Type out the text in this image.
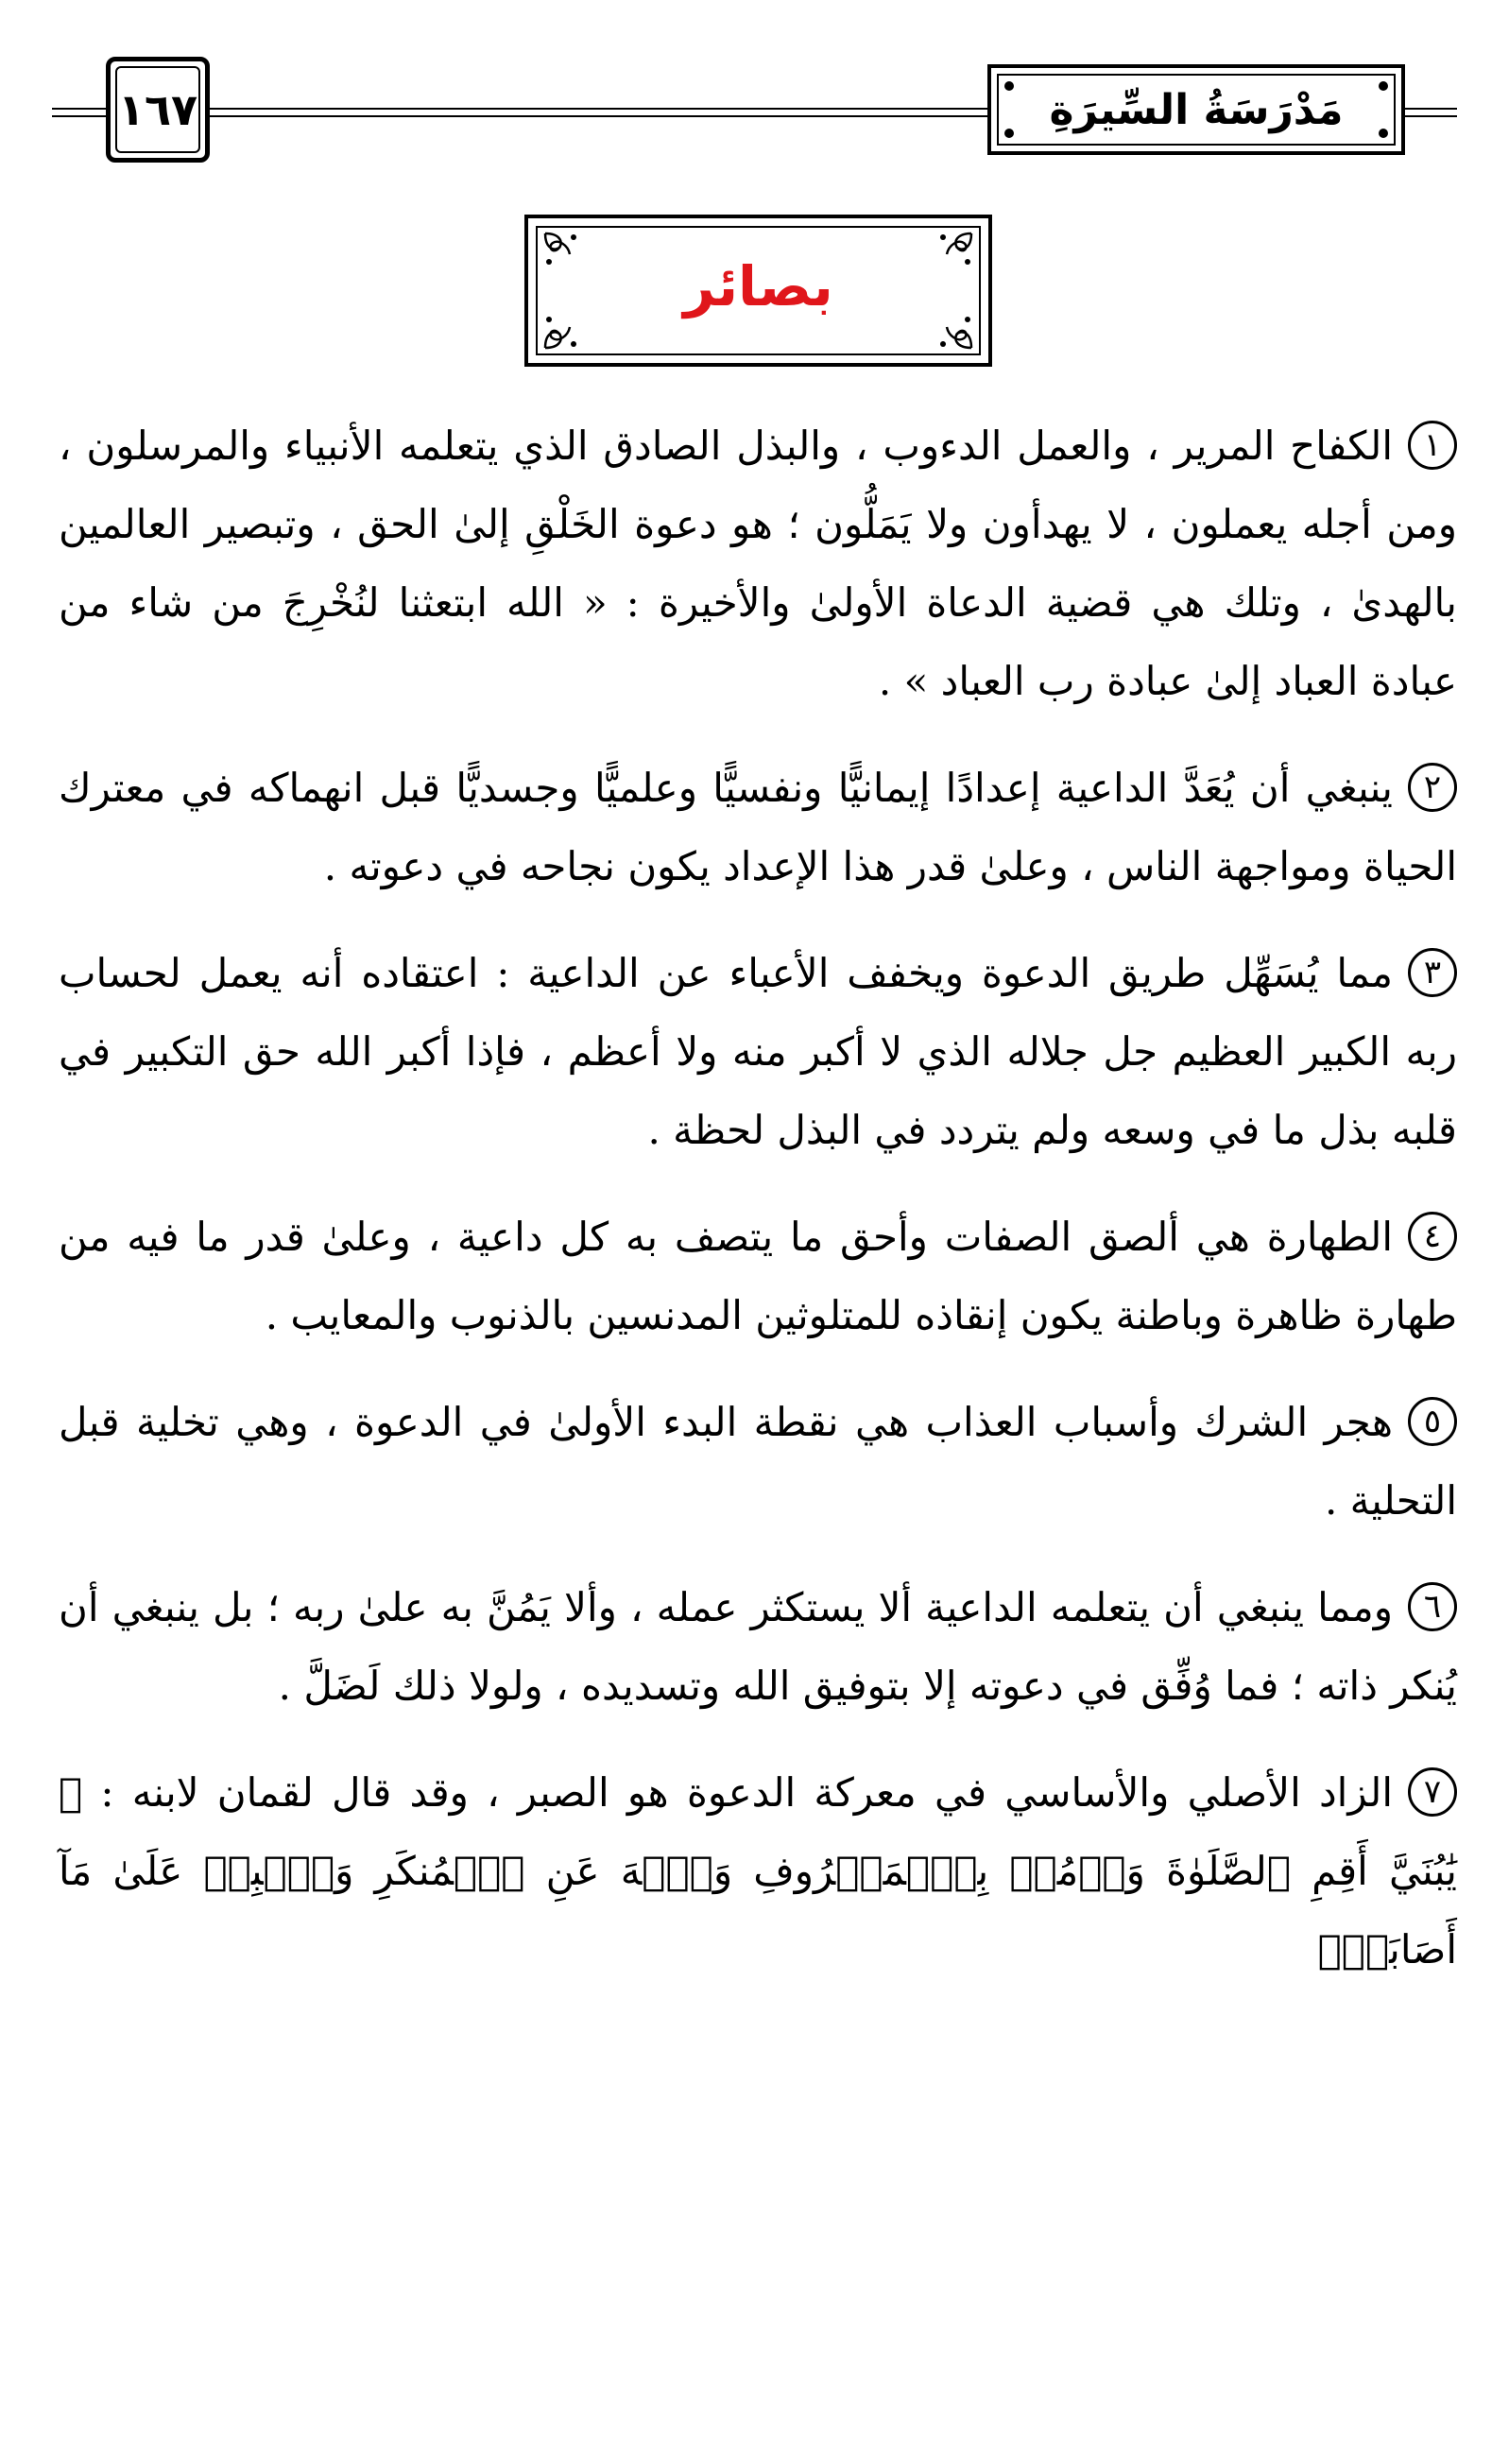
١٦٧	مَدْرَسَةُ السِّيرَةِ
بصائر

١الكفاح المرير ، والعمل الدءوب ، والبذل الصادق الذي يتعلمه الأنبياء والمرسلون ، ومن أجله يعملون ، لا يهدأون ولا يَمَلُّون ؛ هو دعوة الخَلْقِ إلىٰ الحق ، وتبصير العالمين بالهدىٰ ، وتلك هي قضية الدعاة الأولىٰ والأخيرة : « الله ابتعثنا لنُخْرِجَ من شاء من عبادة العباد إلىٰ عبادة رب العباد » .

٢ينبغي أن يُعَدَّ الداعية إعدادًا إيمانيًّا ونفسيًّا وعلميًّا وجسديًّا قبل انهماكه في معترك الحياة ومواجهة الناس ، وعلىٰ قدر هذا الإعداد يكون نجاحه في دعوته .

٣مما يُسَهِّل طريق الدعوة ويخفف الأعباء عن الداعية : اعتقاده أنه يعمل لحساب ربه الكبير العظيم جل جلاله الذي لا أكبر منه ولا أعظم ، فإذا أكبر الله حق التكبير في قلبه بذل ما في وسعه ولم يتردد في البذل لحظة .

٤الطهارة هي ألصق الصفات وأحق ما يتصف به كل داعية ، وعلىٰ قدر ما فيه من طهارة ظاهرة وباطنة يكون إنقاذه للمتلوثين المدنسين بالذنوب والمعايب .

٥هجر الشرك وأسباب العذاب هي نقطة البدء الأولىٰ في الدعوة ، وهي تخلية قبل التحلية .

٦ومما ينبغي أن يتعلمه الداعية ألا يستكثر عمله ، وألا يَمُنَّ به علىٰ ربه ؛ بل ينبغي أن يُنكر ذاته ؛ فما وُفِّق في دعوته إلا بتوفيق الله وتسديده ، ولولا ذلك لَضَلَّ .

٧الزاد الأصلي والأساسي في معركة الدعوة هو الصبر ، وقد قال لقمان لابنه : ﴿ يَٰبُنَيَّ أَقِمِ ٱلصَّلَوٰةَ وَأۡمُرۡ بِٱلۡمَعۡرُوفِ وَٱنۡهَ عَنِ ٱلۡمُنكَرِ وَٱصۡبِرۡ عَلَىٰ مَآ أَصَابَكَۖ
